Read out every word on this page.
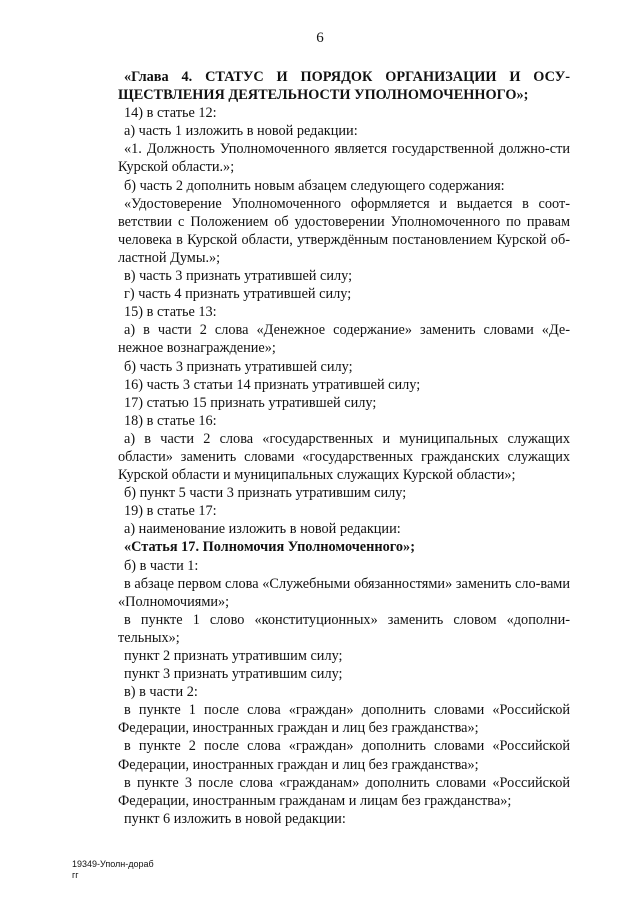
6

«Глава 4. СТАТУС И ПОРЯДОК ОРГАНИЗАЦИИ И ОСУ-ЩЕСТВЛЕНИЯ ДЕЯТЕЛЬНОСТИ УПОЛНОМОЧЕННОГО»;

14) в статье 12:

а) часть 1 изложить в новой редакции:

«1. Должность Уполномоченного является государственной должно-сти Курской области.»;

б) часть 2 дополнить новым абзацем следующего содержания:

«Удостоверение Уполномоченного оформляется и выдается в соот-ветствии с Положением об удостоверении Уполномоченного по правам человека в Курской области, утверждённым постановлением Курской об-ластной Думы.»;

в) часть 3 признать утратившей силу;

г) часть 4 признать утратившей силу;

15) в статье 13:

а) в части 2 слова «Денежное содержание» заменить словами «Де-нежное вознаграждение»;

б) часть 3 признать утратившей силу;

16) часть 3 статьи 14 признать утратившей силу;

17) статью 15 признать утратившей силу;

18) в статье 16:

а) в части 2 слова «государственных и муниципальных служащих области» заменить словами «государственных гражданских служащих Курской области и муниципальных служащих Курской области»;

б) пункт 5 части 3 признать утратившим силу;

19) в статье 17:

а) наименование изложить в новой редакции:

«Статья 17. Полномочия Уполномоченного»;

б) в части 1:

в абзаце первом слова «Служебными обязанностями» заменить сло-вами «Полномочиями»;

в пункте 1 слово «конституционных» заменить словом «дополни-тельных»;

пункт 2 признать утратившим силу;

пункт 3 признать утратившим силу;

в) в части 2:

в пункте 1 после слова «граждан» дополнить словами «Российской Федерации, иностранных граждан и лиц без гражданства»;

в пункте 2 после слова «граждан» дополнить словами «Российской Федерации, иностранных граждан и лиц без гражданства»;

в пункте 3 после слова «гражданам» дополнить словами «Российской Федерации, иностранным гражданам и лицам без гражданства»;

пункт 6 изложить в новой редакции:

19349-Уполн-дораб
гг
